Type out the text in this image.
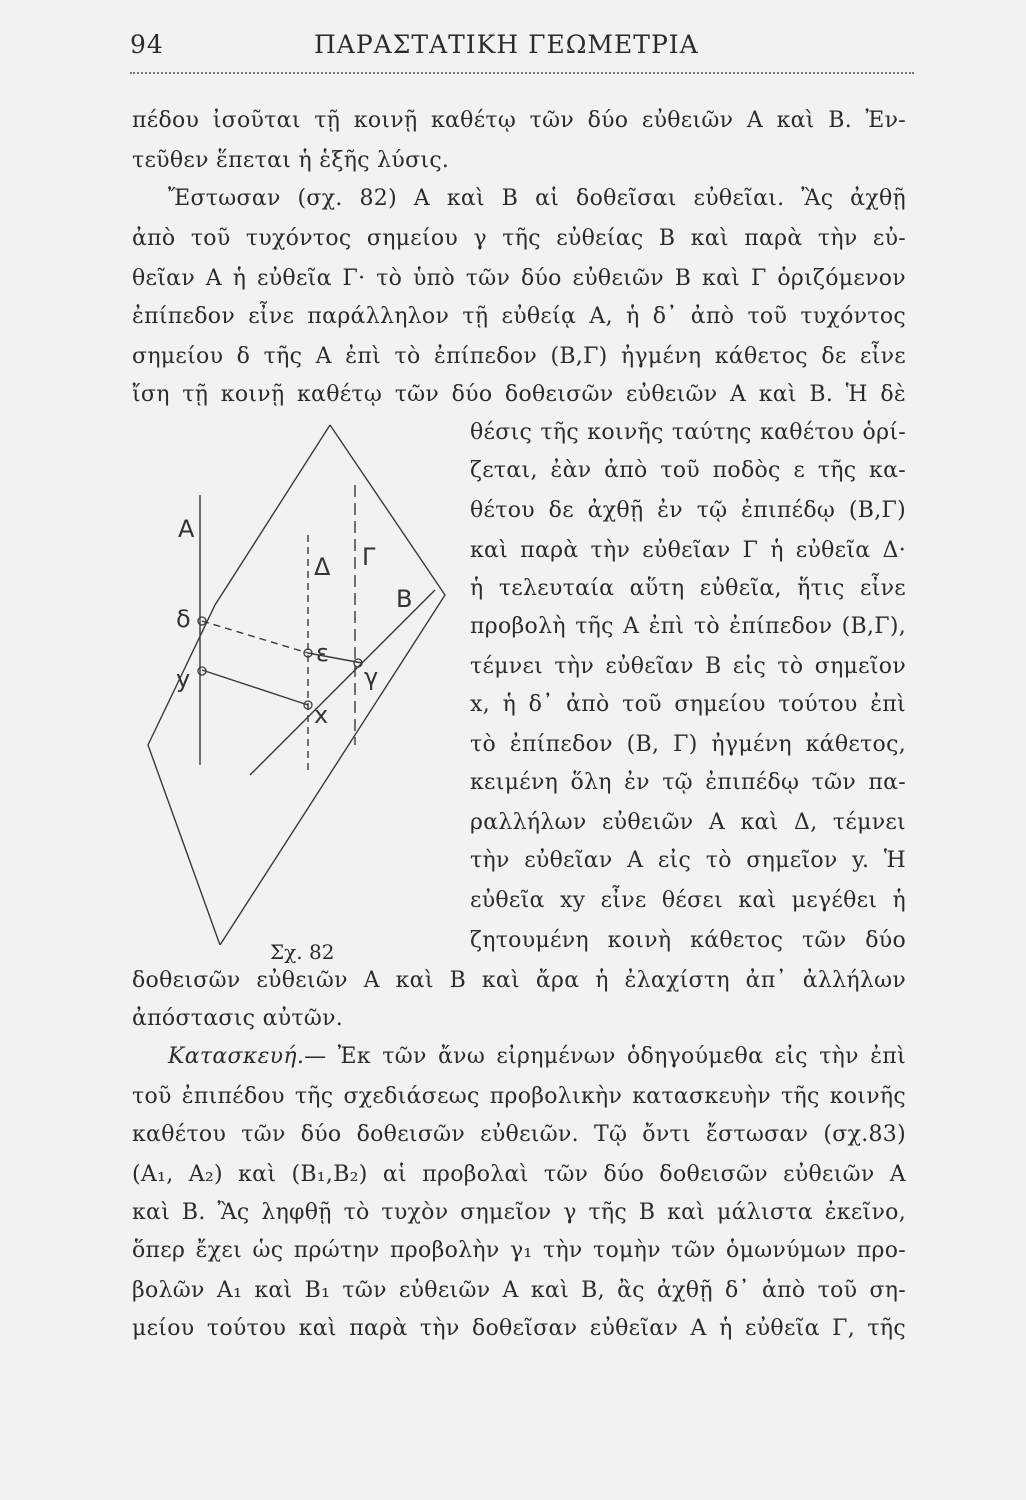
94	ΠΑΡΑΣΤΑΤΙΚΗ ΓΕΩΜΕΤΡΙΑ
πέδου ἰσοῦται τῇ κοινῇ καθέτῳ τῶν δύο εὐθειῶν Α καὶ Β. Ἐν-
τεῦθεν ἕπεται ἡ ἑξῆς λύσις.
Ἔστωσαν (σχ. 82) Α καὶ Β αἱ δοθεῖσαι εὐθεῖαι. Ἂς ἀχθῇ
ἀπὸ τοῦ τυχόντος σημείου γ τῆς εὐθείας Β καὶ παρὰ τὴν εὐ-
θεῖαν Α ἡ εὐθεῖα Γ· τὸ ὑπὸ τῶν δύο εὐθειῶν Β καὶ Γ ὁριζόμενον
ἐπίπεδον εἶνε παράλληλον τῇ εὐθείᾳ Α, ἡ δ᾽ ἀπὸ τοῦ τυχόντος
σημείου δ τῆς Α ἐπὶ τὸ ἐπίπεδον (Β,Γ) ἠγμένη κάθετος δε εἶνε
ἴση τῇ κοινῇ καθέτῳ τῶν δύο δοθεισῶν εὐθειῶν Α καὶ Β. Ἡ δὲ
θέσις τῆς κοινῆς ταύτης καθέτου ὁρί-
ζεται, ἐὰν ἀπὸ τοῦ ποδὸς ε τῆς κα-
θέτου δε ἀχθῇ ἐν τῷ ἐπιπέδῳ (Β,Γ)
καὶ παρὰ τὴν εὐθεῖαν Γ ἡ εὐθεῖα Δ·
ἡ τελευταία αὕτη εὐθεῖα, ἥτις εἶνε
προβολὴ τῆς Α ἐπὶ τὸ ἐπίπεδον (Β,Γ),
τέμνει τὴν εὐθεῖαν Β εἰς τὸ σημεῖον
x, ἡ δ᾽ ἀπὸ τοῦ σημείου τούτου ἐπὶ
τὸ ἐπίπεδον (Β, Γ) ἠγμένη κάθετος,
κειμένη ὅλη ἐν τῷ ἐπιπέδῳ τῶν πα-
ραλλήλων εὐθειῶν Α καὶ Δ, τέμνει
τὴν εὐθεῖαν Α εἰς τὸ σημεῖον y. Ἡ
εὐθεῖα xy εἶνε θέσει καὶ μεγέθει ἡ
ζητουμένη κοινὴ κάθετος τῶν δύο
Σχ. 82
δοθεισῶν εὐθειῶν Α καὶ Β καὶ ἄρα ἡ ἐλαχίστη ἀπ᾽ ἀλλήλων
ἀπόστασις αὐτῶν.
Κατασκευή.— Ἐκ τῶν ἄνω εἰρημένων ὁδηγούμεθα εἰς τὴν ἐπὶ
τοῦ ἐπιπέδου τῆς σχεδιάσεως προβολικὴν κατασκευὴν τῆς κοινῆς
καθέτου τῶν δύο δοθεισῶν εὐθειῶν. Τῷ ὄντι ἔστωσαν (σχ.83)
(Α₁, Α₂) καὶ (Β₁,Β₂) αἱ προβολαὶ τῶν δύο δοθεισῶν εὐθειῶν Α
καὶ Β. Ἂς ληφθῇ τὸ τυχὸν σημεῖον γ τῆς Β καὶ μάλιστα ἐκεῖνο,
ὅπερ ἔχει ὡς πρώτην προβολὴν γ₁ τὴν τομὴν τῶν ὁμωνύμων προ-
βολῶν Α₁ καὶ Β₁ τῶν εὐθειῶν Α καὶ Β, ἂς ἀχθῇ δ᾽ ἀπὸ τοῦ ση-
μείου τούτου καὶ παρὰ τὴν δοθεῖσαν εὐθεῖαν Α ἡ εὐθεῖα Γ, τῆς
A
Δ Γ
B
δ
ε
γ
x
y
